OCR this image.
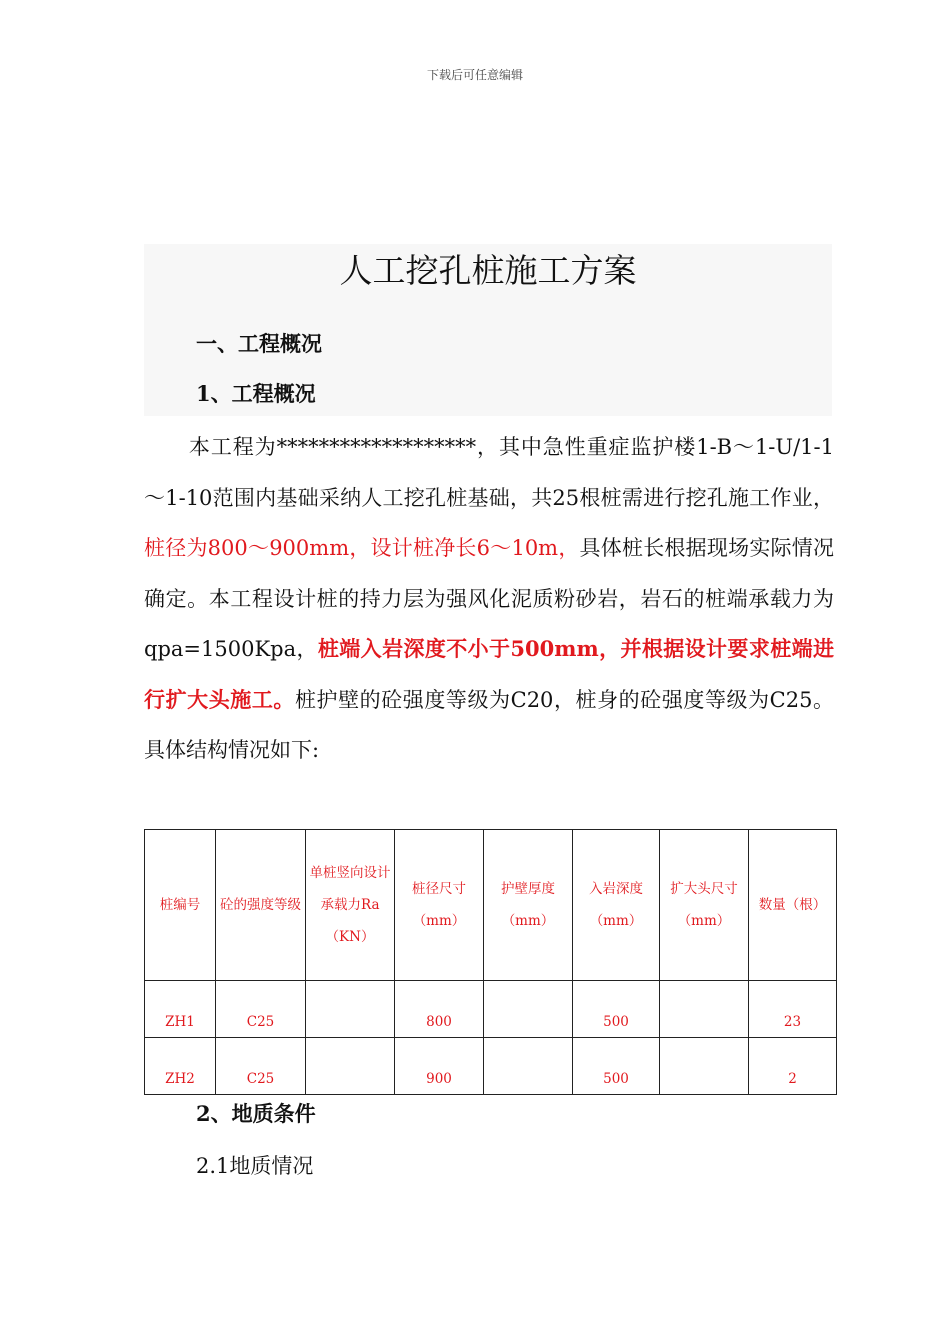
下载后可任意编辑
人工挖孔桩施工方案
一、工程概况
1、工程概况
本工程为*******************，其中急性重症监护楼1-B～1-U/1-1～1-10范围内基础采纳人工挖孔桩基础，共25根桩需进行挖孔施工作业，桩径为800～900mm，设计桩净长6～10m，具体桩长根据现场实际情况确定。本工程设计桩的持力层为强风化泥质粉砂岩，岩石的桩端承载力为qpa=1500Kpa，桩端入岩深度不小于500mm，并根据设计要求桩端进行扩大头施工。桩护壁的砼强度等级为C20，桩身的砼强度等级为C25。具体结构情况如下:
桩编号	砼的强度等级	单桩竖向设计承载力Ra（KN）	桩径尺寸（mm）	护壁厚度（mm）	入岩深度（mm）	扩大头尺寸（mm）	数量（根）
ZH1	C25		800		500		23
ZH2	C25		900		500		2
2、地质条件
2.1地质情况
